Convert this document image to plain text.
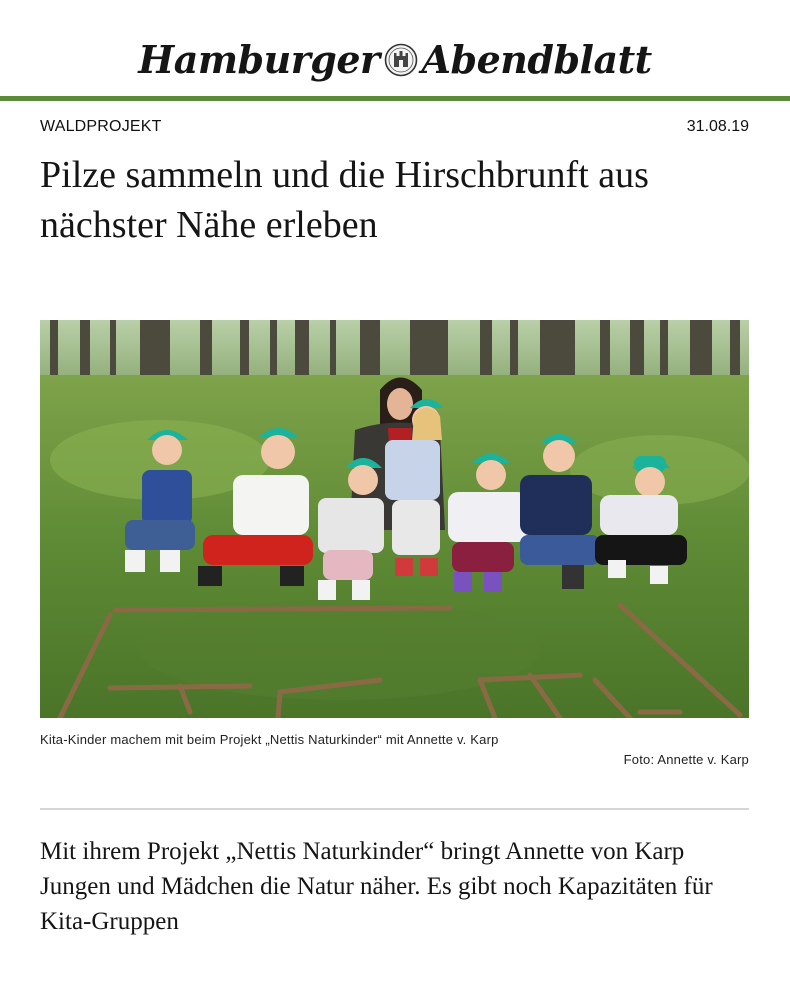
Hamburger Abendblatt
WALDPROJEKT	31.08.19
Pilze sammeln und die Hirschbrunft aus nächster Nähe erleben
Kita-Kinder machem mit beim Projekt „Nettis Naturkinder“ mit Annette v. Karp
Foto: Annette v. Karp

Mit ihrem Projekt „Nettis Naturkinder“ bringt Annette von Karp Jungen und Mädchen die Natur näher. Es gibt noch Kapazitäten für Kita-Gruppen
